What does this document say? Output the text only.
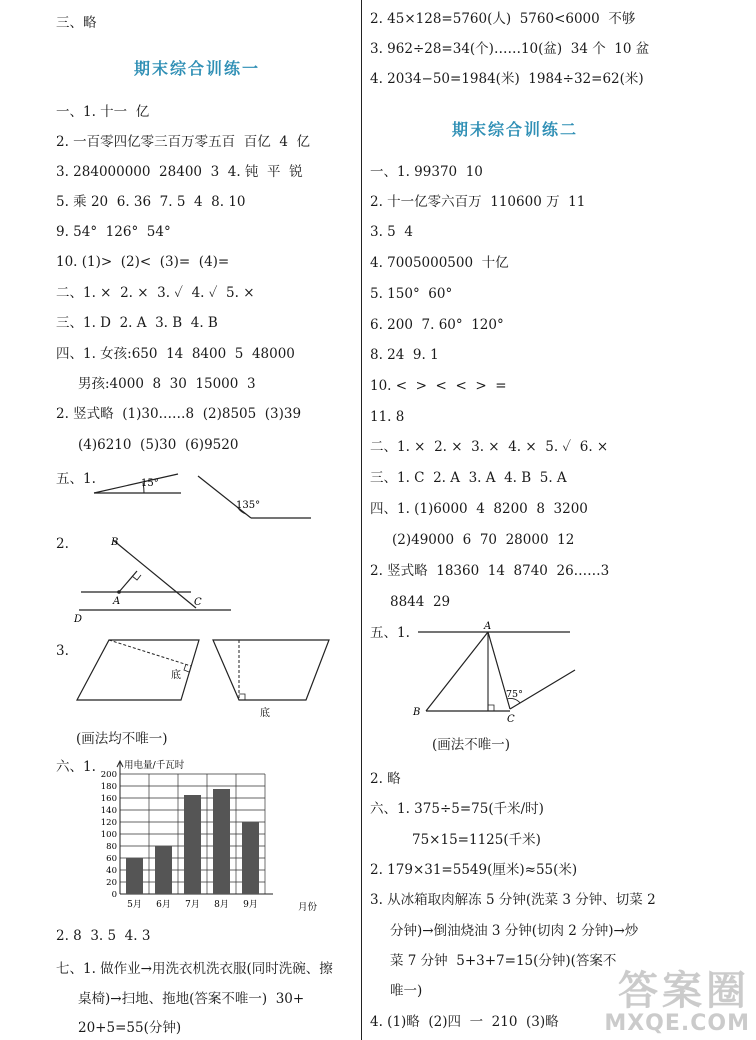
三、略
期末综合训练一
一、1. 十一  亿
2. 一百零四亿零三百万零五百  百亿  4  亿
3. 284000000  28400  3  4. 钝  平  锐
5. 乘 20  6. 36  7. 5  4  8. 10
9. 54°  126°  54°
10. (1)>  (2)<  (3)=  (4)=
二、1. ×  2. ×  3. ✓  4. ✓  5. ×
三、1. D  2. A  3. B  4. B
四、1. 女孩:650  14  8400  5  48000
男孩:4000  8  30  15000  3
2. 竖式略  (1)30……8  (2)8505  (3)39
(4)6210  (5)30  (6)9520
五、1.	15°
135°
2.	B
A	C
D
3.
底
底
(画法均不唯一)
六、1.
0
20
40
60
80
100
120
140
160
180
200
5月 6月 7月 8月 9月
用电量/千瓦时
月份
2. 8  3. 5  4. 3
七、1. 做作业→用洗衣机洗衣服(同时洗碗、擦
桌椅)→扫地、拖地(答案不唯一)  30+
20+5=55(分钟)
2. 45×128=5760(人)  5760<6000  不够
3. 962÷28=34(个)……10(盆)  34 个  10 盆
4. 2034−50=1984(米)  1984÷32=62(米)
期末综合训练二
一、1. 99370  10
2. 十一亿零六百万  110600 万  11
3. 5  4
4. 7005000500  十亿
5. 150°  60°
6. 200  7. 60°  120°
8. 24  9. 1
10. <  >  <  <  >  =
11. 8
二、1. ×  2. ×  3. ×  4. ×  5. ✓  6. ×
三、1. C  2. A  3. A  4. B  5. A
四、1. (1)6000  4  8200  8  3200
(2)49000  6  70  28000  12
2. 竖式略  18360  14  8740  26……3
8844  29
五、1.	A
B
C
75°
(画法不唯一)
2. 略
六、1. 375÷5=75(千米/时)
75×15=1125(千米)
2. 179×31=5549(厘米)≈55(米)
3. 从冰箱取肉解冻 5 分钟(洗菜 3 分钟、切菜 2
分钟)→倒油烧油 3 分钟(切肉 2 分钟)→炒
菜 7 分钟  5+3+7=15(分钟)(答案不
唯一)
4. (1)略  (2)四  一  210  (3)略
答案圈
MXQE.COM
